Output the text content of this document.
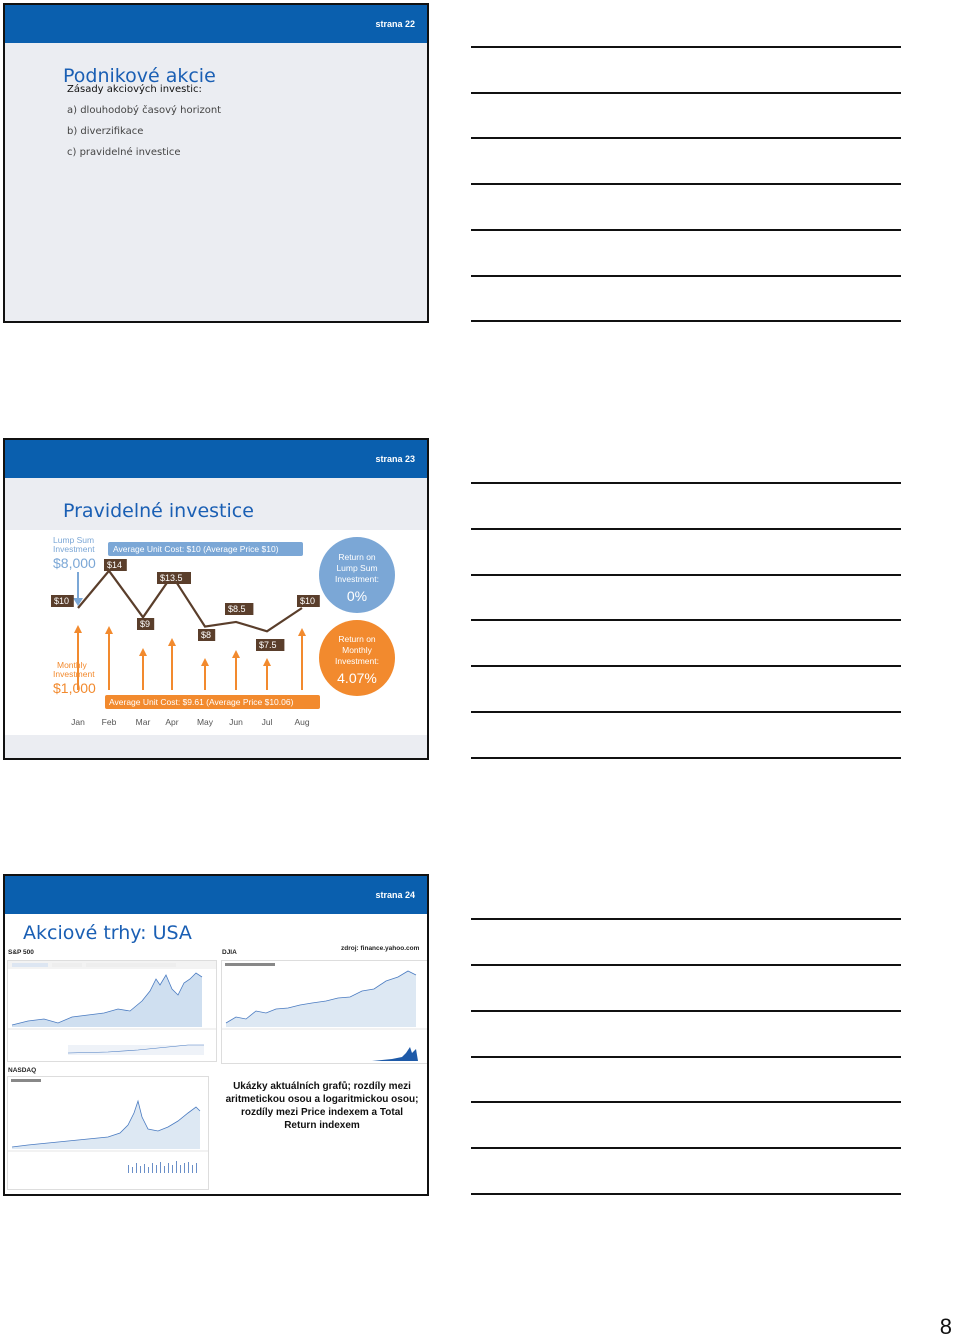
strana 22
Podnikové akcie
Zásady akciových investic:
a) dlouhodobý časový horizont
b) diverzifikace
c) pravidelné investice
strana 23
Pravidelné investice
Lump Sum
Investment
$8,000
Average Unit Cost: $10 (Average Price $10)
$10
$14
$9
$13.5
$8
$8.5
$7.5
$10
Monthly
Investment
$1,000
Average Unit Cost: $9.61 (Average Price $10.06)
Jan Feb Mar Apr May Jun Jul	Aug
Return on
Lump Sum
Investment:
0%
Return on
Monthly
Investment:
4.07%
strana 24
Akciové trhy: USA
S&P 500	DJIA
zdroj: finance.yahoo.com
NASDAQ
Ukázky aktuálních grafů; rozdíly mezi aritmetickou osou a logaritmickou osou; rozdíly mezi Price indexem a Total Return indexem
8
